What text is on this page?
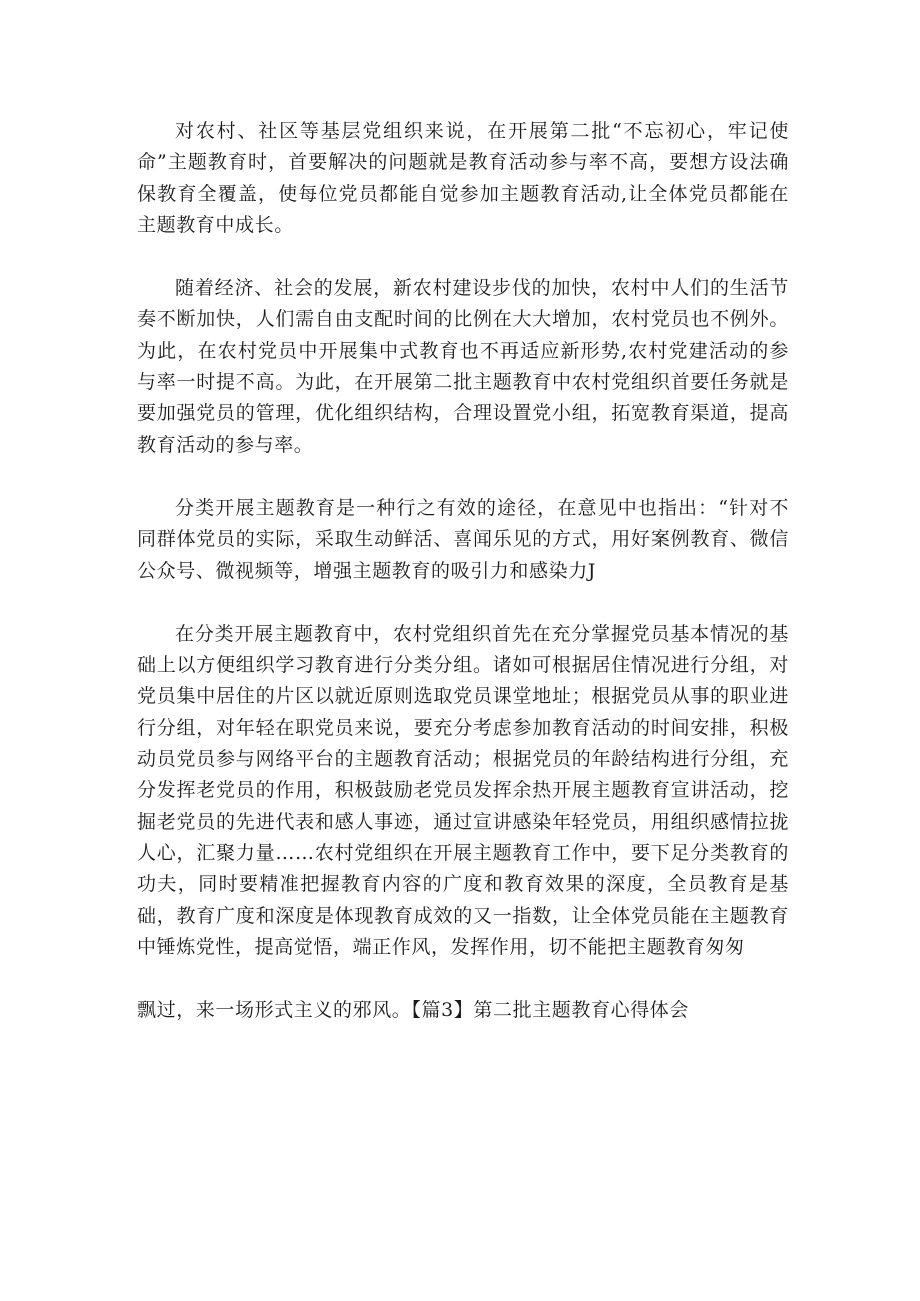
对农村、社区等基层党组织来说，在开展第二批“不忘初心，牢记使命”主题教育时，首要解决的问题就是教育活动参与率不高，要想方设法确保教育全覆盖，使每位党员都能自觉参加主题教育活动,让全体党员都能在主题教育中成长。

随着经济、社会的发展，新农村建设步伐的加快，农村中人们的生活节奏不断加快，人们需自由支配时间的比例在大大增加，农村党员也不例外。为此，在农村党员中开展集中式教育也不再适应新形势,农村党建活动的参与率一时提不高。为此，在开展第二批主题教育中农村党组织首要任务就是要加强党员的管理，优化组织结构，合理设置党小组，拓宽教育渠道，提高教育活动的参与率。

分类开展主题教育是一种行之有效的途径，在意见中也指出：“针对不同群体党员的实际，采取生动鲜活、喜闻乐见的方式，用好案例教育、微信公众号、微视频等，增强主题教育的吸引力和感染力J

在分类开展主题教育中，农村党组织首先在充分掌握党员基本情况的基础上以方便组织学习教育进行分类分组。诸如可根据居住情况进行分组，对党员集中居住的片区以就近原则选取党员课堂地址；根据党员从事的职业进行分组，对年轻在职党员来说，要充分考虑参加教育活动的时间安排，积极动员党员参与网络平台的主题教育活动；根据党员的年龄结构进行分组，充分发挥老党员的作用，积极鼓励老党员发挥余热开展主题教育宣讲活动，挖掘老党员的先进代表和感人事迹，通过宣讲感染年轻党员，用组织感情拉拢人心，汇聚力量……农村党组织在开展主题教育工作中，要下足分类教育的功夫，同时要精准把握教育内容的广度和教育效果的深度，全员教育是基础，教育广度和深度是体现教育成效的又一指数，让全体党员能在主题教育中锤炼党性，提高觉悟，端正作风，发挥作用，切不能把主题教育匆匆

飘过，来一场形式主义的邪风。【篇3】第二批主题教育心得体会
